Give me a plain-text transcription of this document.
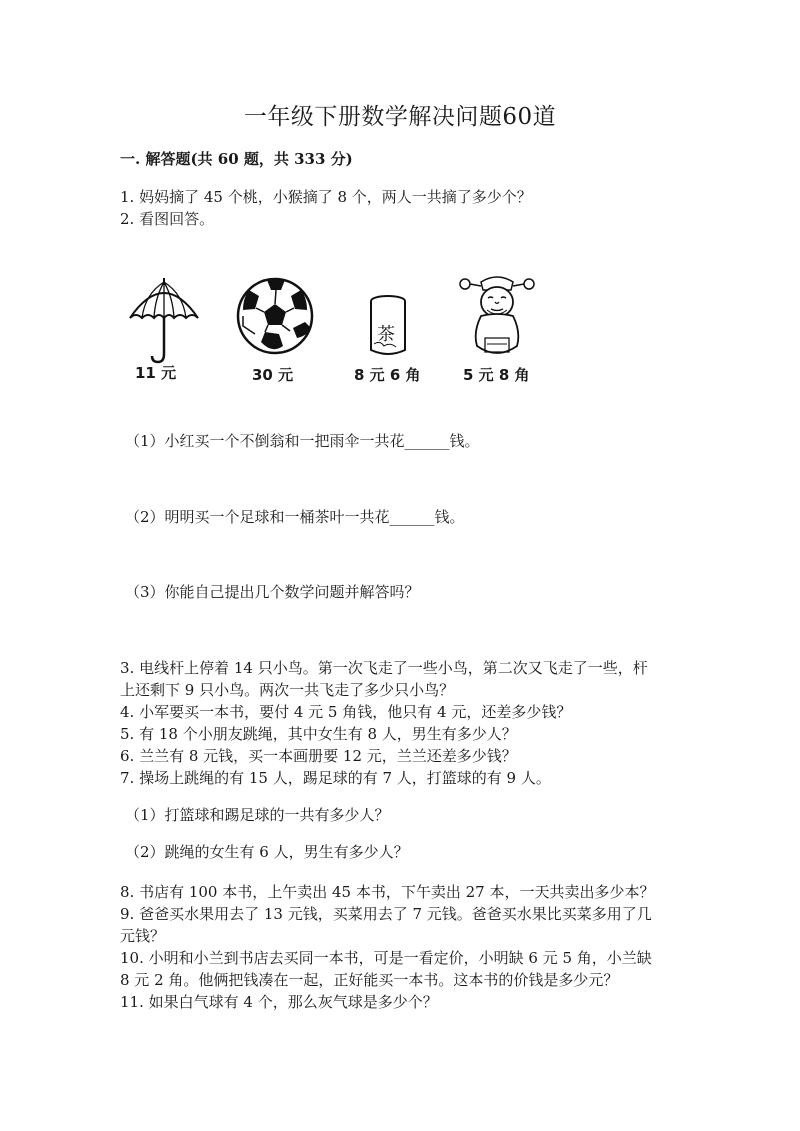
一年级下册数学解决问题60道
一. 解答题(共 60 题，共 333 分)
1. 妈妈摘了 45 个桃，小猴摘了 8 个，两人一共摘了多少个？
2. 看图回答。
11 元	30 元
茶
8 元 6 角	5 元 8 角
（1）小红买一个不倒翁和一把雨伞一共花______钱。
（2）明明买一个足球和一桶茶叶一共花______钱。
（3）你能自己提出几个数学问题并解答吗？
3. 电线杆上停着 14 只小鸟。第一次飞走了一些小鸟，第二次又飞走了一些，杆
上还剩下 9 只小鸟。两次一共飞走了多少只小鸟？
4. 小军要买一本书，要付 4 元 5 角钱，他只有 4 元，还差多少钱？
5. 有 18 个小朋友跳绳，其中女生有 8 人，男生有多少人？
6. 兰兰有 8 元钱，买一本画册要 12 元，兰兰还差多少钱？
7. 操场上跳绳的有 15 人，踢足球的有 7 人，打篮球的有 9 人。
（1）打篮球和踢足球的一共有多少人？
（2）跳绳的女生有 6 人，男生有多少人？
8. 书店有 100 本书，上午卖出 45 本书，下午卖出 27 本，一天共卖出多少本？
9. 爸爸买水果用去了 13 元钱，买菜用去了 7 元钱。爸爸买水果比买菜多用了几
元钱？
10. 小明和小兰到书店去买同一本书，可是一看定价，小明缺 6 元 5 角，小兰缺
8 元 2 角。他俩把钱凑在一起，正好能买一本书。这本书的价钱是多少元？
11. 如果白气球有 4 个，那么灰气球是多少个？
